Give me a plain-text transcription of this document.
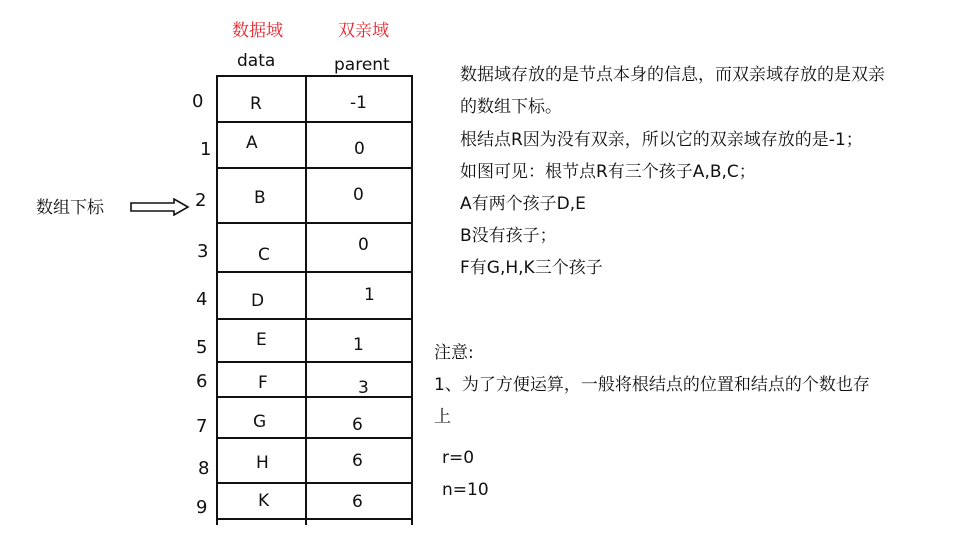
数据域	双亲域
data	parent
0	R	-1
1 A	0
2	B	0
3	C	0
4	D	1
5	E	1
6	F	3
7	G	6
8	H	6
9	K	6
数组下标
数据域存放的是节点本身的信息，而双亲域存放的是双亲
的数组下标。
根结点R因为没有双亲，所以它的双亲域存放的是-1；
如图可见：根节点R有三个孩子A,B,C；
A有两个孩子D,E
B没有孩子；
F有G,H,K三个孩子
注意:
1、为了方便运算，一般将根结点的位置和结点的个数也存
上
r=0
n=10
